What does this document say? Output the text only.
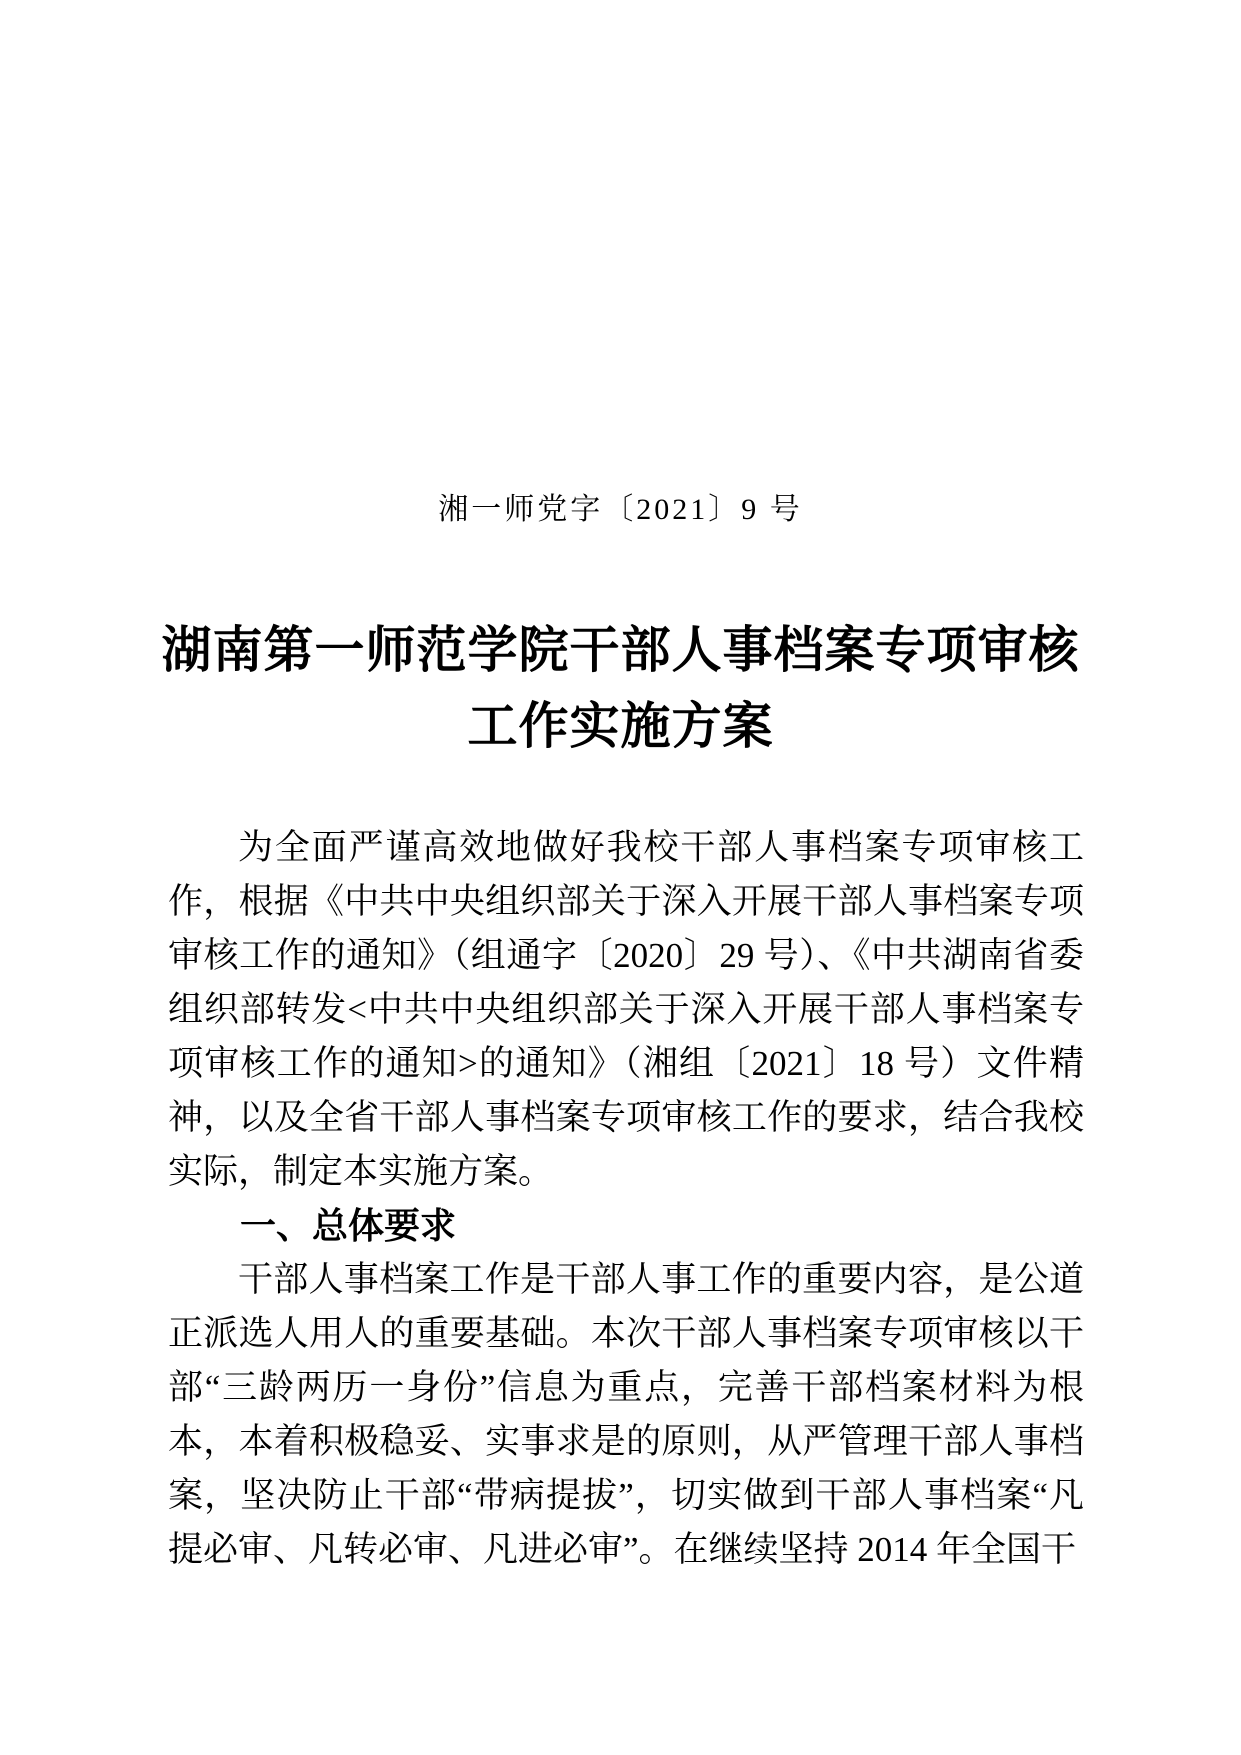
湘一师党字〔2021〕9 号
湖南第一师范学院干部人事档案专项审核
工作实施方案

为全面严谨高效地做好我校干部人事档案专项审核工作，根据《中共中央组织部关于深入开展干部人事档案专项审核工作的通知》（组通字〔2020〕29 号）、《中共湖南省委组织部转发<中共中央组织部关于深入开展干部人事档案专项审核工作的通知>的通知》（湘组〔2021〕18 号）文件精神，以及全省干部人事档案专项审核工作的要求，结合我校实际，制定本实施方案。

一、总体要求

干部人事档案工作是干部人事工作的重要内容，是公道正派选人用人的重要基础。本次干部人事档案专项审核以干部“三龄两历一身份”信息为重点，完善干部档案材料为根本，本着积极稳妥、实事求是的原则，从严管理干部人事档案，坚决防止干部“带病提拔”，切实做到干部人事档案“凡提必审、凡转必审、凡进必审”。在继续坚持 2014 年全国干
